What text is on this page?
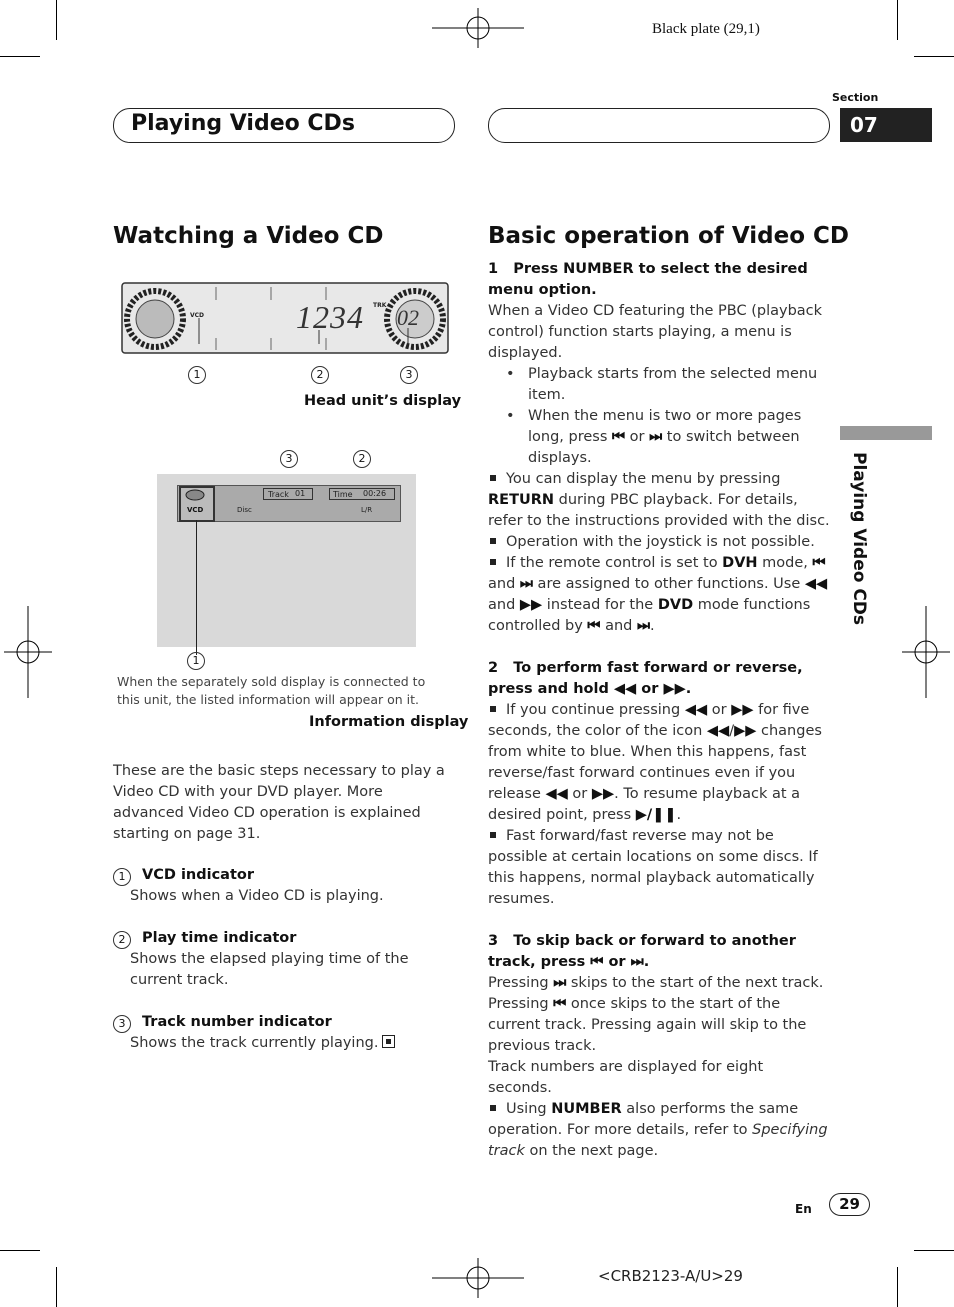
Black plate (29,1)
Playing Video CDs
Section
07
Playing Video CDs
Watching a Video CD
VCD
TRK
1234 02
1	2	3
Head unit’s display
3	2
VCD
Track 01	Time	00:26
Disc	L/R
1
When the separately sold display is connected to this unit, the listed information will appear on it.
Information display
These are the basic steps necessary to play a Video CD with your DVD player. More advanced Video CD operation is explained starting on page 31.
1	VCD indicator
Shows when a Video CD is playing.
2	Play time indicator
Shows the elapsed playing time of the current track.
3	Track number indicator
Shows the track currently playing.
Basic operation of Video CD
1   Press NUMBER to select the desired menu option.
When a Video CD featuring the PBC (playback control) function starts playing, a menu is displayed.
• Playback starts from the selected menu item.
• When the menu is two or more pages long, press ⏮ or ⏭ to switch between displays.
You can display the menu by pressing RETURN during PBC playback. For details, refer to the instructions provided with the disc.
Operation with the joystick is not possible.
If the remote control is set to DVH mode, ⏮ and ⏭ are assigned to other functions. Use ◀◀ and ▶▶ instead for the DVD mode functions controlled by ⏮ and ⏭.
2   To perform fast forward or reverse, press and hold ◀◀ or ▶▶.
If you continue pressing ◀◀ or ▶▶ for five seconds, the color of the icon ◀◀/▶▶ changes from white to blue. When this happens, fast reverse/fast forward continues even if you release ◀◀ or ▶▶. To resume playback at a desired point, press ▶/❚❚.
Fast forward/fast reverse may not be possible at certain locations on some discs. If this happens, normal playback automatically resumes.
3   To skip back or forward to another track, press ⏮ or ⏭.
Pressing ⏭ skips to the start of the next track. Pressing ⏮ once skips to the start of the current track. Pressing again will skip to the previous track.
Track numbers are displayed for eight seconds.
Using NUMBER also performs the same operation. For more details, refer to Specifying track on the next page.
En	29
<CRB2123-A/U>29
